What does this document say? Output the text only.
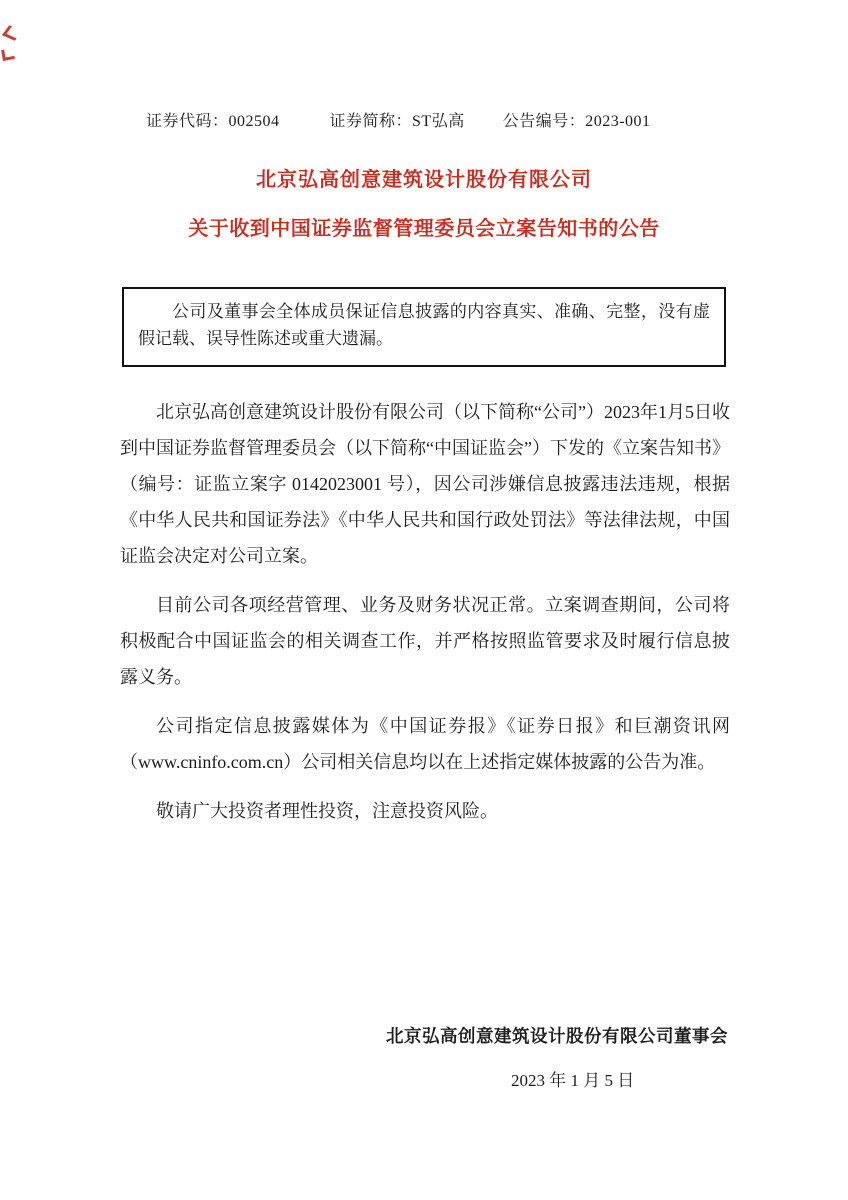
证券代码：002504	证券简称：ST弘高 公告编号：2023-001
北京弘高创意建筑设计股份有限公司
关于收到中国证券监督管理委员会立案告知书的公告

公司及董事会全体成员保证信息披露的内容真实、准确、完整，没有虚假记载、误导性陈述或重大遗漏。

北京弘高创意建筑设计股份有限公司（以下简称“公司”）2023年1月5日收到中国证券监督管理委员会（以下简称“中国证监会”）下发的《立案告知书》（编号：证监立案字 0142023001 号），因公司涉嫌信息披露违法违规，根据《中华人民共和国证券法》《中华人民共和国行政处罚法》等法律法规，中国证监会决定对公司立案。

目前公司各项经营管理、业务及财务状况正常。立案调查期间，公司将积极配合中国证监会的相关调查工作，并严格按照监管要求及时履行信息披露义务。

公司指定信息披露媒体为《中国证券报》《证券日报》和巨潮资讯网（www.cninfo.com.cn）公司相关信息均以在上述指定媒体披露的公告为准。

敬请广大投资者理性投资，注意投资风险。

北京弘高创意建筑设计股份有限公司董事会
2023 年 1 月 5 日
